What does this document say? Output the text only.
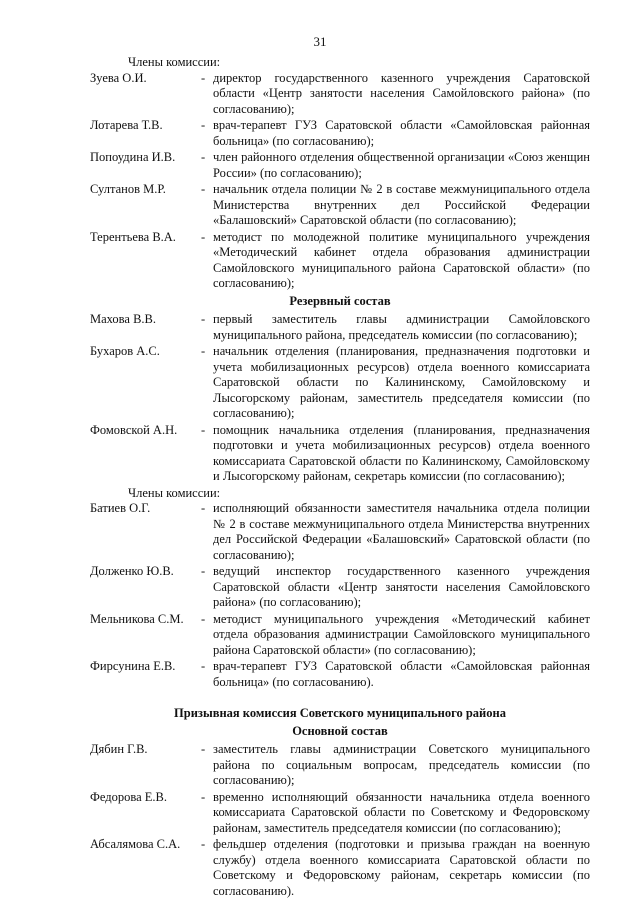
31

Члены комиссии:

Зуева О.И.	- директор государственного казенного учреждения Саратовской области «Центр занятости населения Самойловского района» (по согласованию);
Лотарева Т.В.	- врач-терапевт ГУЗ Саратовской области «Самойловская районная больница» (по согласованию);
Попоудина И.В.	- член районного отделения общественной организации «Союз женщин России» (по согласованию);
Султанов М.Р.	- начальник отдела полиции № 2 в составе межмуниципального отдела Министерства внутренних дел Российской Федерации «Балашовский» Саратовской области (по согласованию);
Терентьева В.А.	- методист по молодежной политике муниципального учреждения «Методический кабинет отдела образования администрации Самойловского муниципального района Саратовской области» (по согласованию);
Резервный состав
Махова В.В.	- первый заместитель главы администрации Самойловского муниципального района, председатель комиссии (по согласованию);
Бухаров А.С.	- начальник отделения (планирования, предназначения подготовки и учета мобилизационных ресурсов) отдела военного комиссариата Саратовской области по Калининскому, Самойловскому и Лысогорскому районам, заместитель председателя комиссии (по согласованию);
Фомовской А.Н.	- помощник начальника отделения (планирования, предназначения подготовки и учета мобилизационных ресурсов) отдела военного комиссариата Саратовской области по Калининскому, Самойловскому и Лысогорскому районам, секретарь комиссии (по согласованию);

Члены комиссии:

Батиев О.Г.	- исполняющий обязанности заместителя начальника отдела полиции № 2 в составе межмуниципального отдела Министерства внутренних дел Российской Федерации «Балашовский» Саратовской области (по согласованию);
Долженко Ю.В.	- ведущий инспектор государственного казенного учреждения Саратовской области «Центр занятости населения Самойловского района» (по согласованию);
Мельникова С.М.	- методист муниципального учреждения «Методический кабинет отдела образования администрации Самойловского муниципального района Саратовской области» (по согласованию);
Фирсунина Е.В.	- врач-терапевт ГУЗ Саратовской области «Самойловская районная больница» (по согласованию).
Призывная комиссия Советского муниципального района
Основной состав
Дябин Г.В.	- заместитель главы администрации Советского муниципального района по социальным вопросам, председатель комиссии (по согласованию);
Федорова Е.В.	- временно исполняющий обязанности начальника отдела военного комиссариата Саратовской области по Советскому и Федоровскому районам, заместитель председателя комиссии (по согласованию);
Абсалямова С.А.	- фельдшер отделения (подготовки и призыва граждан на военную службу) отдела военного комиссариата Саратовской области по Советскому и Федоровскому районам, секретарь комиссии (по согласованию).
